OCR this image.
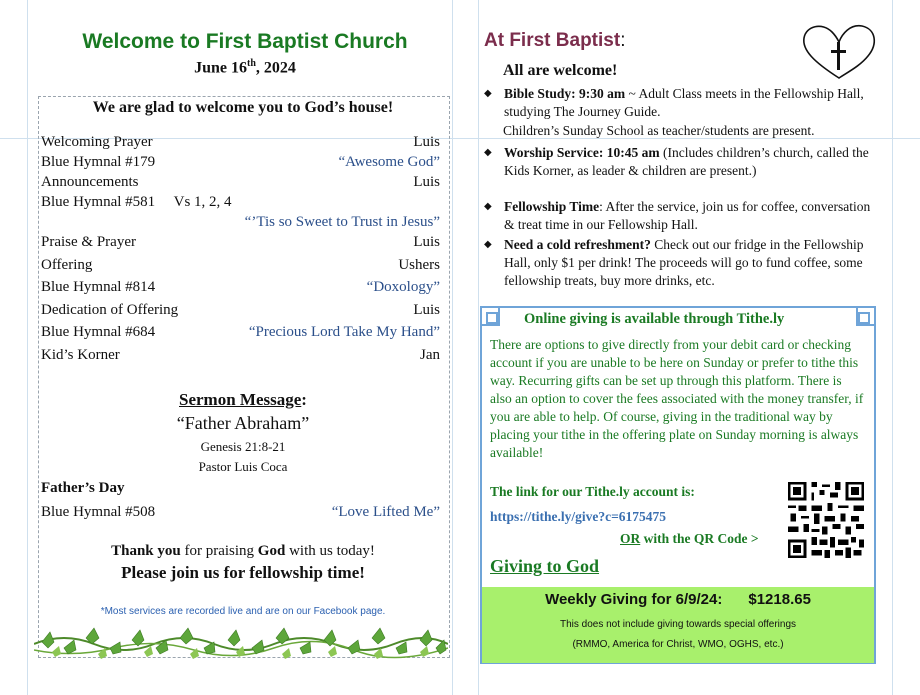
Welcome to First Baptist Church
June 16th, 2024
We are glad to welcome you to God’s house!
Welcoming Prayer	Luis
Blue Hymnal #179	“Awesome God”
Announcements	Luis
Blue Hymnal #581     Vs 1, 2, 4
“’Tis so Sweet to Trust in Jesus”
Praise & Prayer	Luis
Offering	Ushers
Blue Hymnal #814	“Doxology”
Dedication of Offering	Luis
Blue Hymnal #684	“Precious Lord Take My Hand”
Kid’s Korner	Jan
Sermon Message:
“Father Abraham”
Genesis 21:8-21
Pastor Luis Coca
Father’s Day
Blue Hymnal #508	“Love Lifted Me”
Thank you for praising God with us today!
Please join us for fellowship time!
*Most services are recorded live and are on our Facebook page.
At First Baptist:
All are welcome!
◆ Bible Study: 9:30 am ~ Adult Class meets in the Fellowship Hall, studying The Journey Guide.
Children’s Sunday School as teacher/students are present.
◆ Worship Service: 10:45 am (Includes children’s church, called the Kids Korner, as leader & children are present.)
◆ Fellowship Time: After the service, join us for coffee, conversation & treat time in our Fellowship Hall.
◆ Need a cold refreshment? Check out our fridge in the Fellowship Hall, only $1 per drink! The proceeds will go to fund coffee, some fellowship treats, buy more drinks, etc.
Online giving is available through Tithe.ly
There are options to give directly from your debit card or checking account if you are unable to be here on Sunday or prefer to tithe this way. Recurring gifts can be set up through this platform. There is also an option to cover the fees associated with the money transfer, if you are able to help. Of course, giving in the traditional way by placing your tithe in the offering plate on Sunday morning is always available!
The link for our Tithe.ly account is:
https://tithe.ly/give?c=6175475
OR with the QR Code >
Giving to God
Weekly Giving for 6/9/24: $1218.65
This does not include giving towards special offerings
(RMMO, America for Christ, WMO, OGHS, etc.)
